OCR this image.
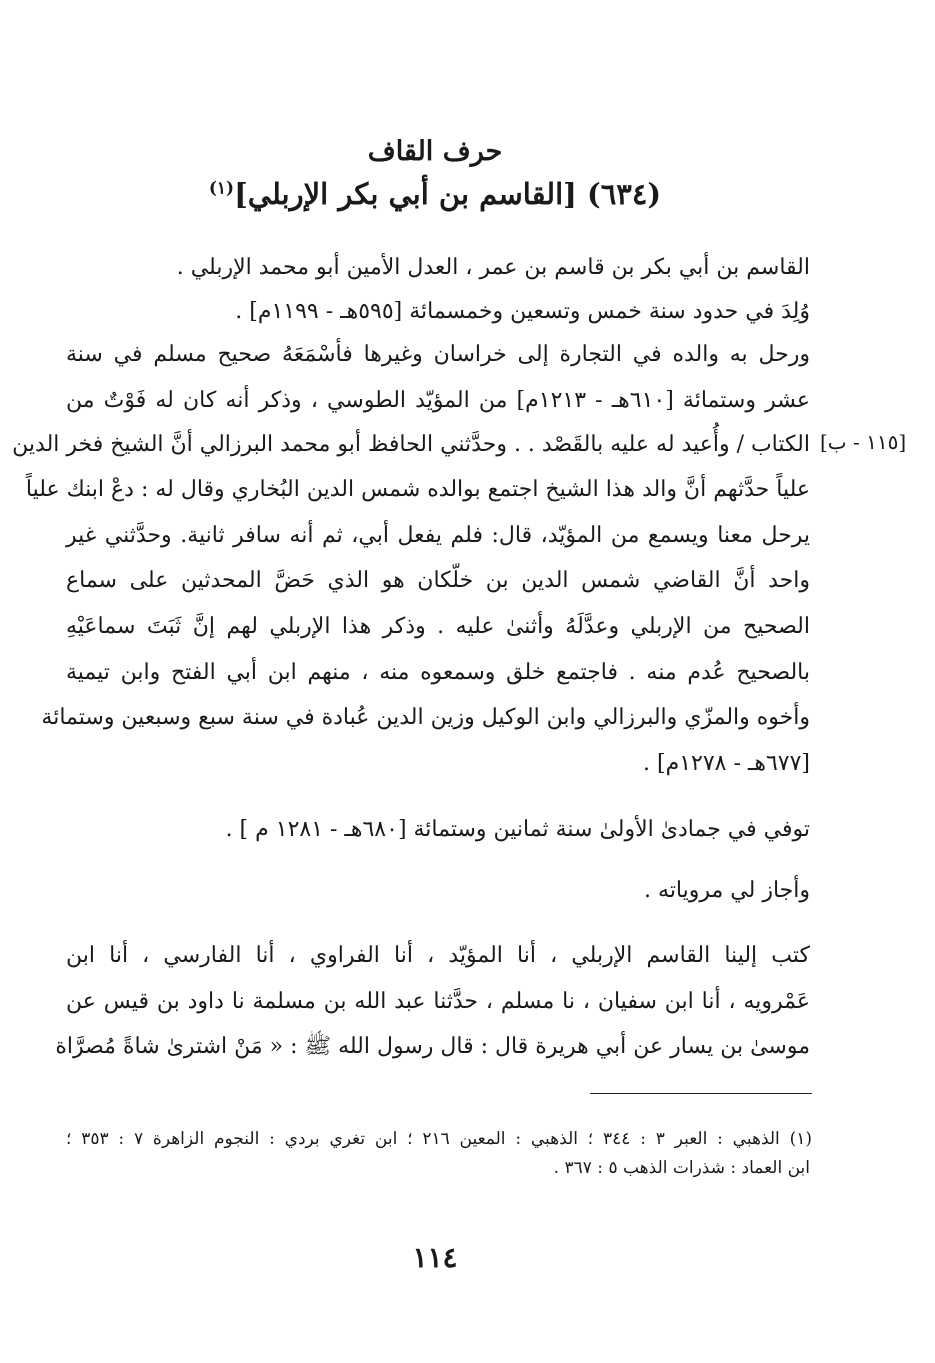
حرف القاف
(٦٣٤) [القاسم بن أبي بكر الإربلي]$^{(١)}$
القاسم بن أبي بكر بن قاسم بن عمر ، العدل الأمين أبو محمد الإربلي .
وُلِدَ في حدود سنة خمس وتسعين وخمسمائة [٥٩٥هـ - ١١٩٩م] .
ورحل به والده في التجارة إلى خراسان وغيرها فأسْمَعَهُ صحيح مسلم في سنة
عشر وستمائة [٦١٠هـ - ١٢١٣م] من المؤيّد الطوسي ، وذكر أنه كان له فَوْتٌ من
الكتاب / وأُعيد له عليه بالقَصْد . . وحدَّثني الحافظ أبو محمد البرزالي أنَّ الشيخ فخر الدين [١١٥ - ب]
علياً حدَّثهم أنَّ والد هذا الشيخ اجتمع بوالده شمس الدين البُخاري وقال له : دعْ ابنك علياً
يرحل معنا ويسمع من المؤيّد، قال: فلم يفعل أبي، ثم أنه سافر ثانية. وحدَّثني غير
واحد أنَّ القاضي شمس الدين بن خلّكان هو الذي حَضَّ المحدثين على سماع
الصحيح من الإربلي وعدَّلَهُ وأثنىٰ عليه . وذكر هذا الإربلي لهم إنَّ ثَبَتَ سماعَيْهِ
بالصحيح عُدم منه . فاجتمع خلق وسمعوه منه ، منهم ابن أبي الفتح وابن تيمية
وأخوه والمزّي والبرزالي وابن الوكيل وزين الدين عُبادة في سنة سبع وسبعين وستمائة
[٦٧٧هـ - ١٢٧٨م] .
توفي في جمادىٰ الأولىٰ سنة ثمانين وستمائة [٦٨٠هـ - ١٢٨١ م ] .
وأجاز لي مروياته .
كتب إلينا القاسم الإربلي ، أنا المؤيّد ، أنا الفراوي ، أنا الفارسي ، أنا ابن
عَمْرويه ، أنا ابن سفيان ، نا مسلم ، حدَّثنا عبد الله بن مسلمة نا داود بن قيس عن
موسىٰ بن يسار عن أبي هريرة قال : قال رسول الله ﷺ : « مَنْ اشترىٰ شاةً مُصرَّاة
(١) الذهبي : العبر ٣ : ٣٤٤ ؛ الذهبي : المعين ٢١٦ ؛ ابن تغري بردي : النجوم الزاهرة ٧ : ٣٥٣ ؛
ابن العماد : شذرات الذهب ٥ : ٣٦٧ .
١١٤
